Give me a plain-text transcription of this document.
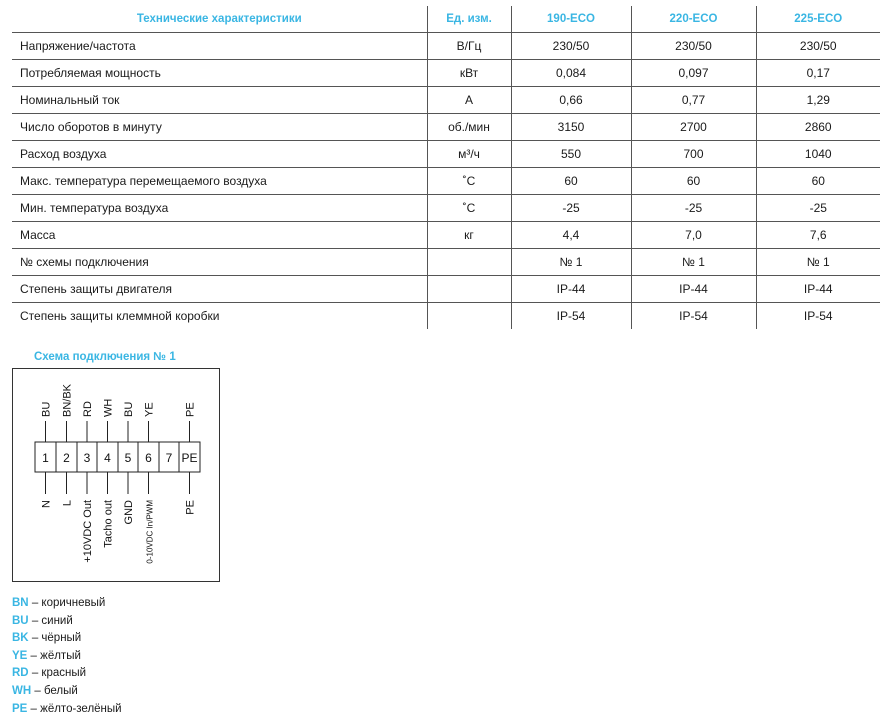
Технические характеристики	Ед. изм.	190-ECO	220-ECO	225-ECO
Напряжение/частота	В/Гц	230/50	230/50	230/50
Потребляемая мощность	кВт	0,084	0,097	0,17
Номинальный ток	А	0,66	0,77	1,29
Число оборотов в минуту	об./мин	3150	2700	2860
Расход воздуха	м³/ч	550	700	1040
Макс. температура перемещаемого воздуха	˚С	60	60	60
Мин. температура воздуха	˚С	-25	-25	-25
Масса	кг	4,4	7,0	7,6
№ схемы подключения		№ 1	№ 1	№ 1
Степень защиты двигателя		IP-44	IP-44	IP-44
Степень защиты клеммной коробки		IP-54	IP-54	IP-54
Схема подключения № 1
1 2 3 4 5 6 7 PE
BU
N
BN/BK
L
RD
+10VDC Out
WH
Tacho out
BU
GND
YE
0-10VDC In/PWM
PE
PE
BN – коричневый
BU – синий
BK – чёрный
YE – жёлтый
RD – красный
WH – белый
PE – жёлто-зелёный
